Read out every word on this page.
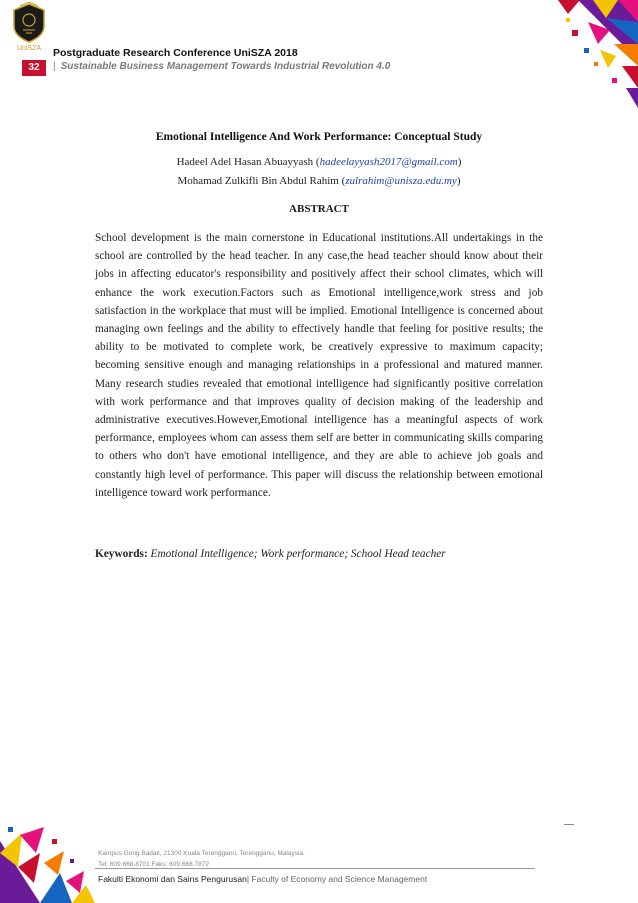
UniSZA Postgraduate Research Conference UniSZA 2018
32	| Sustainable Business Management Towards Industrial Revolution 4.0
Emotional Intelligence And Work Performance: Conceptual Study
Hadeel Adel Hasan Abuayyash (hadeelayyash2017@gmail.com)
Mohamad Zulkifli Bin Abdul Rahim (zulrahim@unisza.edu.my)
ABSTRACT
School development is the main cornerstone in Educational institutions.All undertakings in the school are controlled by the head teacher. In any case,the head teacher should know about their jobs in affecting educator's responsibility and positively affect their school climates, which will enhance the work execution.Factors such as Emotional intelligence,work stress and job satisfaction in the workplace that must will be implied. Emotional Intelligence is concerned about managing own feelings and the ability to effectively handle that feeling for positive results; the ability to be motivated to complete work, be creatively expressive to maximum capacity; becoming sensitive enough and managing relationships in a professional and matured manner. Many research studies revealed that emotional intelligence had significantly positive correlation with work performance and that improves quality of decision making of the leadership and administrative executives.However,Emotional intelligence has a meaningful aspects of work performance, employees whom can assess them self are better in communicating skills comparing to others who don't have emotional intelligence, and they are able to achieve job goals and constantly high level of performance. This paper will discuss the relationship between emotional intelligence toward work performance.
Keywords: Emotional Intelligence; Work performance; School Head teacher
Kampus Gong Badak, 21300 Kuala Terengganu, Terengganu, Malaysia.
Tel: 609.668.8701 Faks: 609.668.7872
Fakulti Ekonomi dan Sains Pengurusan| Faculty of Economy and Science Management
